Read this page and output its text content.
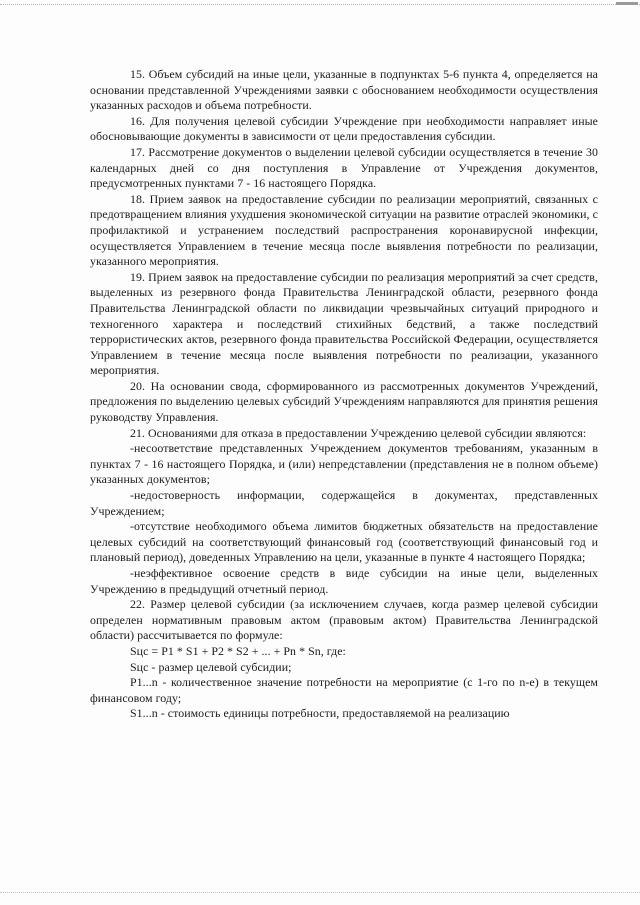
15. Объем субсидий на иные цели, указанные в подпунктах 5-6 пункта 4, определяется на основании представленной Учреждениями заявки с обоснованием необходимости осуществления указанных расходов и объема потребности.

16. Для получения целевой субсидии Учреждение при необходимости направляет иные обосновывающие документы в зависимости от цели предоставления субсидии.

17. Рассмотрение документов о выделении целевой субсидии осуществляется в течение 30 календарных дней со дня поступления в Управление от Учреждения документов, предусмотренных пунктами 7 - 16 настоящего Порядка.

18. Прием заявок на предоставление субсидии по реализации мероприятий, связанных с предотвращением влияния ухудшения экономической ситуации на развитие отраслей экономики, с профилактикой и устранением последствий распространения коронавирусной инфекции, осуществляется Управлением в течение месяца после выявления потребности по реализации, указанного мероприятия.

19. Прием заявок на предоставление субсидии по реализация мероприятий за счет средств, выделенных из резервного фонда Правительства Ленинградской области, резервного фонда Правительства Ленинградской области по ликвидации чрезвычайных ситуаций природного и техногенного характера и последствий стихийных бедствий, а также последствий террористических актов, резервного фонда правительства Российской Федерации, осуществляется Управлением в течение месяца после выявления потребности по реализации, указанного мероприятия.

20. На основании свода, сформированного из рассмотренных документов Учреждений, предложения по выделению целевых субсидий Учреждениям направляются для принятия решения руководству Управления.

21. Основаниями для отказа в предоставлении Учреждению целевой субсидии являются:

-несоответствие представленных Учреждением документов требованиям, указанным в пунктах 7 - 16 настоящего Порядка, и (или) непредставлении (представления не в полном объеме) указанных документов;

-недостоверность информации, содержащейся в документах, представленных Учреждением;

-отсутствие необходимого объема лимитов бюджетных обязательств на предоставление целевых субсидий на соответствующий финансовый год (соответствующий финансовый год и плановый период), доведенных Управлению на цели, указанные в пункте 4 настоящего Порядка;

-неэффективное освоение средств в виде субсидии на иные цели, выделенных Учреждению в предыдущий отчетный период.

22. Размер целевой субсидии (за исключением случаев, когда размер целевой субсидии определен нормативным правовым актом (правовым актом) Правительства Ленинградской области) рассчитывается по формуле:

Sцс = P1 * S1 + P2 * S2 + ... + Pn * Sn, где:

Sцс - размер целевой субсидии;

P1...n - количественное значение потребности на мероприятие (с 1-го по n-е) в текущем финансовом году;

S1...n - стоимость единицы потребности, предоставляемой на реализацию
